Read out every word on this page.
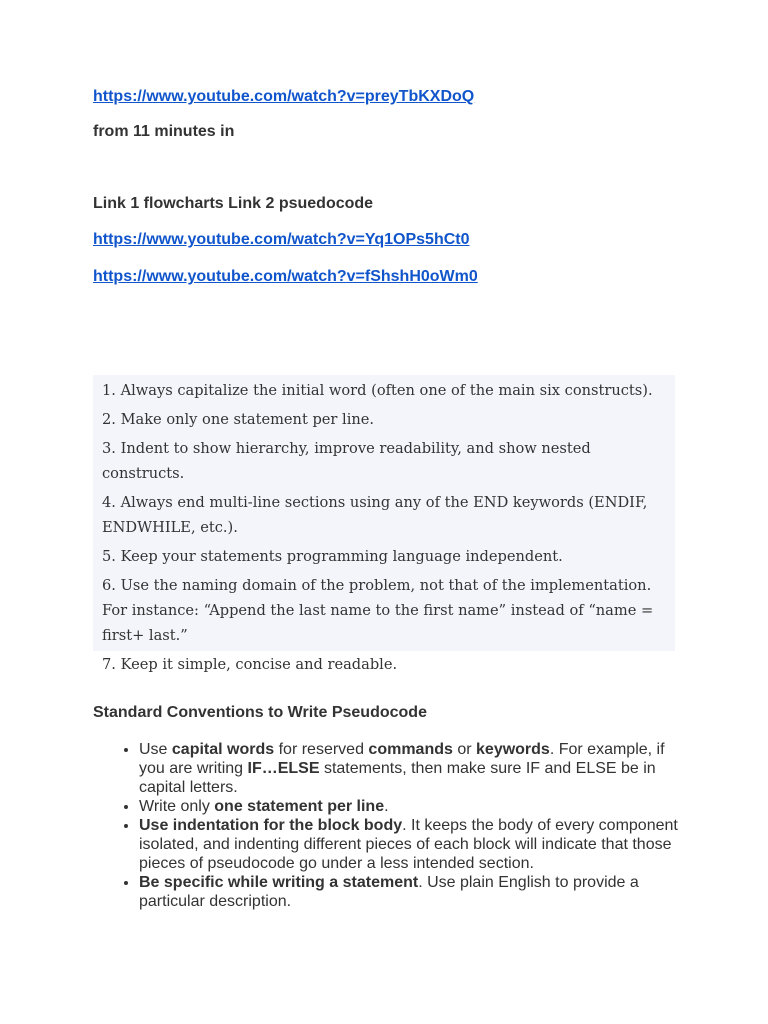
https://www.youtube.com/watch?v=preyTbKXDoQ
from 11 minutes in
Link 1 flowcharts Link 2 psuedocode
https://www.youtube.com/watch?v=Yq1OPs5hCt0
https://www.youtube.com/watch?v=fShshH0oWm0

1. Always capitalize the initial word (often one of the main six constructs).

2. Make only one statement per line.

3. Indent to show hierarchy, improve readability, and show nested constructs.

4. Always end multi-line sections using any of the END keywords (ENDIF, ENDWHILE, etc.).

5. Keep your statements programming language independent.

6. Use the naming domain of the problem, not that of the implementation. For instance: “Append the last name to the first name” instead of “name = first+ last.”

7. Keep it simple, concise and readable.

Standard Conventions to Write Pseudocode
• Use capital words for reserved commands or keywords. For example, if you are writing IF…ELSE statements, then make sure IF and ELSE be in capital letters.
• Write only one statement per line.
• Use indentation for the block body. It keeps the body of every component isolated, and indenting different pieces of each block will indicate that those pieces of pseudocode go under a less intended section.
• Be specific while writing a statement. Use plain English to provide a particular description.
